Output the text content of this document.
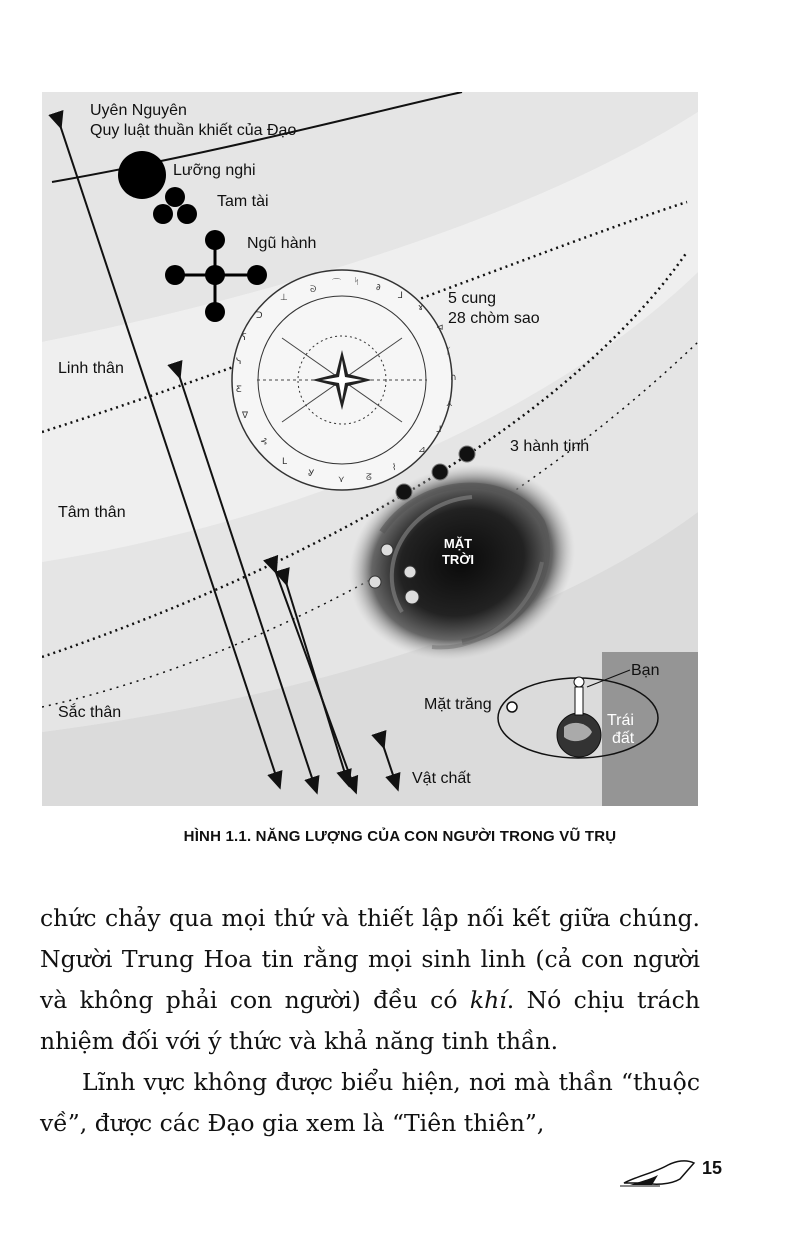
ᘐ
⌒ ᛋ
∂
⅃
ɤ
⊲
ᚴ
∩
⋏
ᒧ
⊿
⌇
ᘔ
⋎
Ꮍ
ᒪ
⊰
∇
Ƹ
ᓭ
ʕ
ᑐ
⊥
Uyên Nguyên
Quy luật thuần khiết của Đạo
Lưỡng nghi
Tam tài
Ngũ hành
5 cung
28 chòm sao
Linh thân
3 hành tinh
Tâm thân
MẶT
TRỜI
Bạn
Mặt trăng
Sắc thân	Trái
đất
Vật chất
HÌNH 1.1. NĂNG LƯỢNG CỦA CON NGƯỜI TRONG VŨ TRỤ

chức chảy qua mọi thứ và thiết lập nối kết giữa chúng. Người Trung Hoa tin rằng mọi sinh linh (cả con người và không phải con người) đều có khí. Nó chịu trách nhiệm đối với ý thức và khả năng tinh thần.

Lĩnh vực không được biểu hiện, nơi mà thần “thuộc về”, được các Đạo gia xem là “Tiên thiên”,

15
